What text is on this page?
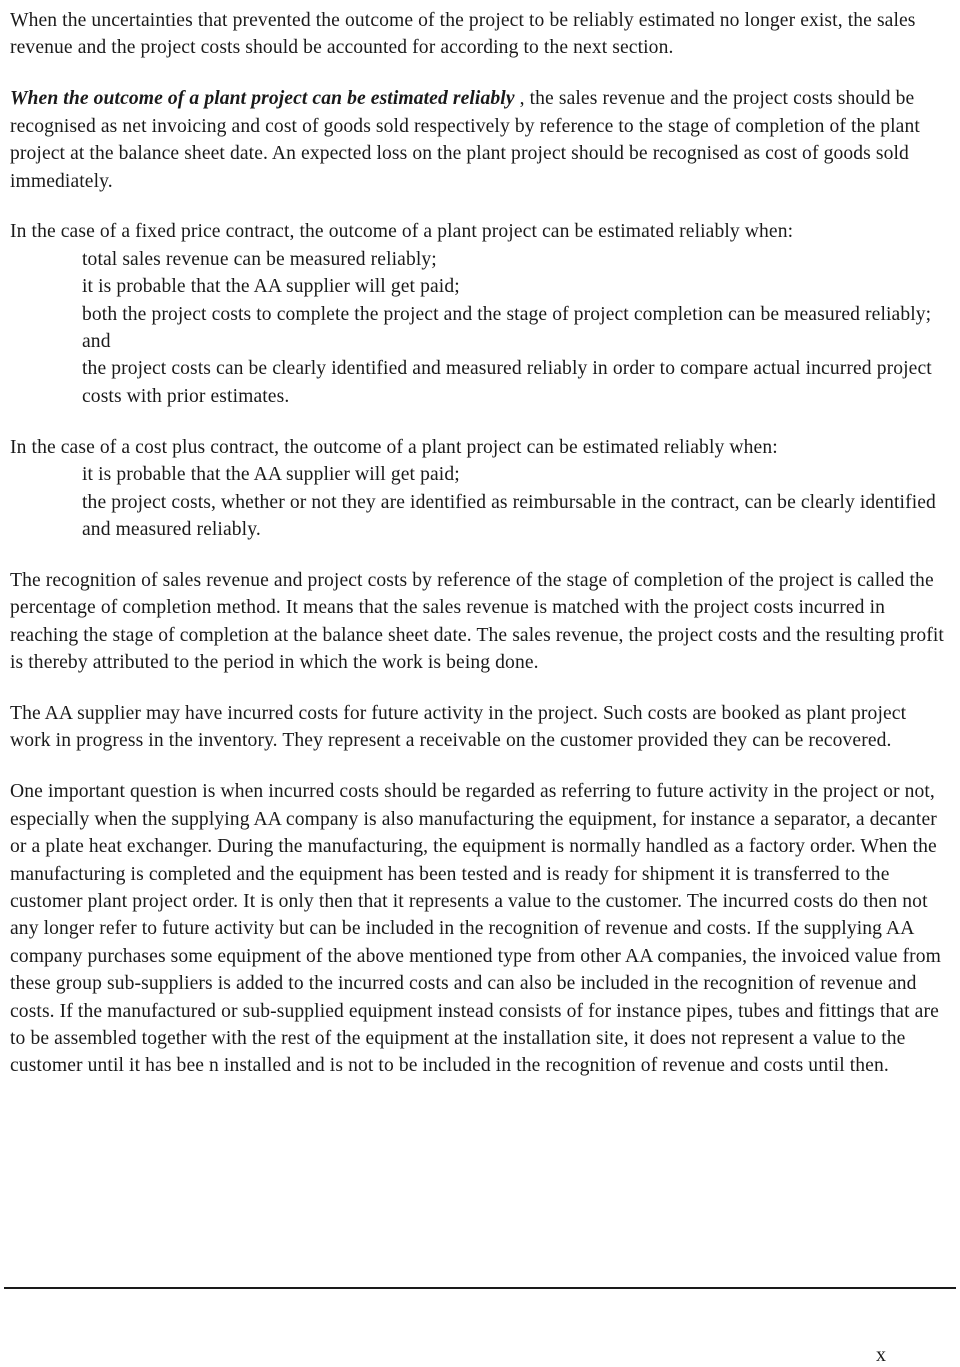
When the uncertainties that prevented the outcome of the project to be reliably estimated no longer exist, the sales revenue and the project costs should be accounted for according to the next section.

When the outcome of a plant project can be estimated reliably , the sales revenue and the project costs should be recognised as net invoicing and cost of goods sold respectively by reference to the stage of completion of the plant project at the balance sheet date. An expected loss on the plant project should be recognised as cost of goods sold immediately.

In the case of a fixed price contract, the outcome of a plant project can be estimated reliably when:
total sales revenue can be measured reliably;
it is probable that the AA supplier will get paid;
both the project costs to complete the project and the stage of project completion can be measured reliably; and
the project costs can be clearly identified and measured reliably in order to compare actual incurred project costs with prior estimates.
In the case of a cost plus contract, the outcome of a plant project can be estimated reliably when:
it is probable that the AA supplier will get paid;
the project costs, whether or not they are identified as reimbursable in the contract, can be clearly identified and measured reliably.

The recognition of sales revenue and project costs by reference of the stage of completion of the project is called the percentage of completion method. It means that the sales revenue is matched with the project costs incurred in reaching the stage of completion at the balance sheet date. The sales revenue, the project costs and the resulting profit is thereby attributed to the period in which the work is being done.

The AA supplier may have incurred costs for future activity in the project. Such costs are booked as plant project work in progress in the inventory. They represent a receivable on the customer provided they can be recovered.

One important question is when incurred costs should be regarded as referring to future activity in the project or not, especially when the supplying AA company is also manufacturing the equipment, for instance a separator, a decanter or a plate heat exchanger. During the manufacturing, the equipment is normally handled as a factory order. When the manufacturing is completed and the equipment has been tested and is ready for shipment it is transferred to the customer plant project order. It is only then that it represents a value to the customer. The incurred costs do then not any longer refer to future activity but can be included in the recognition of revenue and costs. If the supplying AA company purchases some equipment of the above mentioned type from other AA companies, the invoiced value from these group sub-suppliers is added to the incurred costs and can also be included in the recognition of revenue and costs. If the manufactured or sub-supplied equipment instead consists of for instance pipes, tubes and fittings that are to be assembled together with the rest of the equipment at the installation site, it does not represent a value to the customer until it has bee n installed and is not to be included in the recognition of revenue and costs until then.

x
